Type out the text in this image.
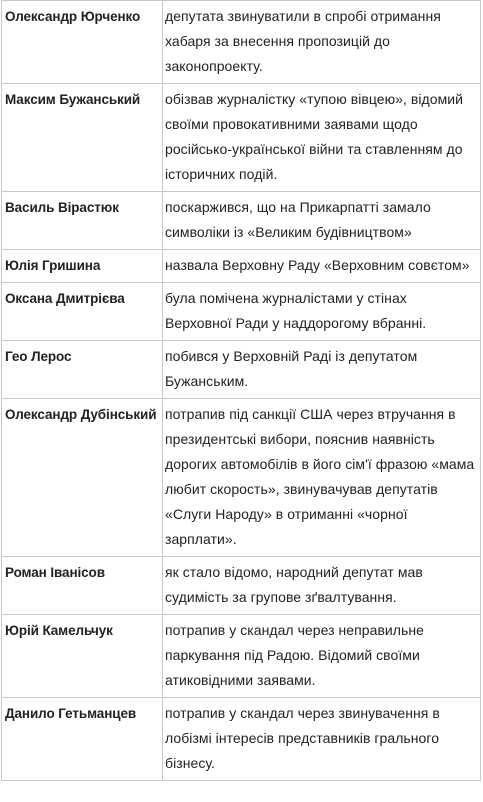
Олександр Юрченко	депутата звинуватили в спробі отримання хабаря за внесення пропозицій до законопроекту.
Максим Бужанський	обізвав журналістку «тупою вівцею», відомий своїми провокативними заявами щодо російсько-української війни та ставленням до історичних подій.
Василь Вірастюк	поскаржився, що на Прикарпатті замало символіки із «Великим будівництвом»
Юлія Гришина	назвала Верховну Раду «Верховним совєтом»
Оксана Дмитрієва	була помічена журналістами у стінах Верховної Ради у наддорогому вбранні.
Гео Лерос	побився у Верховній Раді із депутатом Бужанським.
Олександр Дубінський	потрапив під санкції США через втручання в президентські вибори, пояснив наявність дорогих автомобілів в його сім'ї фразою «мама любит скорость», звинувачував депутатів «Слуги Народу» в отриманні «чорної зарплати».
Роман Іванісов	як стало відомо, народний депутат мав судимість за групове зґвалтування.
Юрій Камельчук	потрапив у скандал через неправильне паркування під Радою. Відомий своїми атиковідними заявами.
Данило Гетьманцев	потрапив у скандал через звинувачення в лобізмі інтересів представників грального бізнесу.
